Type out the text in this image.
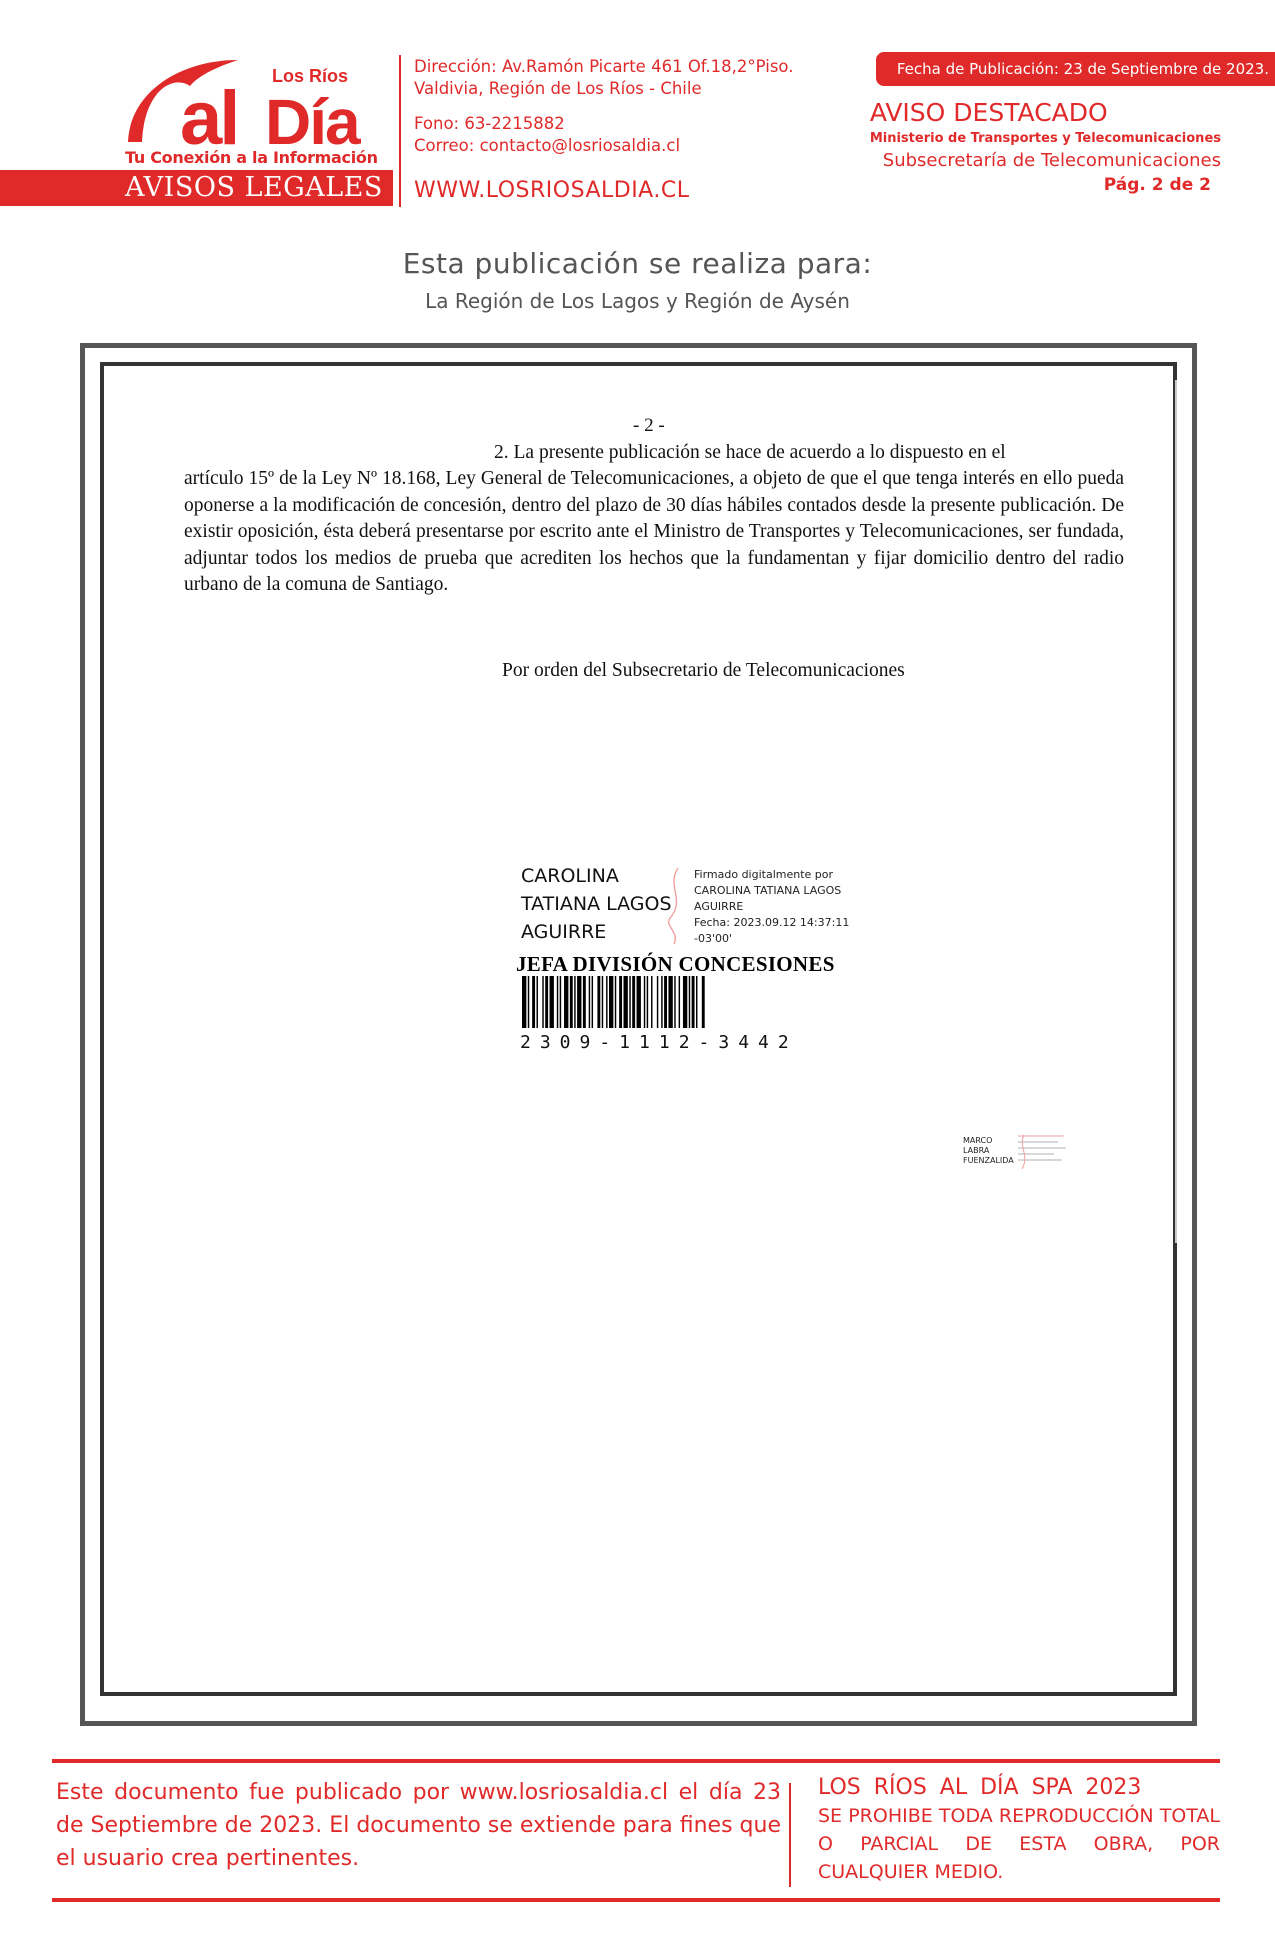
al Día
Los Ríos
Tu Conexión a la Información
AVISOS LEGALES
Dirección: Av.Ramón Picarte 461 Of.18,2°Piso.
Valdivia, Región de Los Ríos - Chile
Fono: 63-2215882
Correo: contacto@losriosaldia.cl
WWW.LOSRIOSALDIA.CL
Fecha de Publicación: 23 de Septiembre de 2023.
AVISO DESTACADO
Ministerio de Transportes y Telecomunicaciones
Subsecretaría de Telecomunicaciones
Pág. 2 de 2
Esta publicación se realiza para:
La Región de Los Lagos y Región de Aysén
- 2 -
2. La presente publicación se hace de acuerdo a lo dispuesto en el
artículo 15º de la Ley Nº 18.168, Ley General de Telecomunicaciones, a objeto de que el que tenga interés en ello pueda oponerse a la modificación de concesión, dentro del plazo de 30 días hábiles contados desde la presente publicación. De existir oposición, ésta deberá presentarse por escrito ante el Ministro de Transportes y Telecomunicaciones, ser fundada, adjuntar todos los medios de prueba que acrediten los hechos que la fundamentan y fijar domicilio dentro del radio urbano de la comuna de Santiago.
Por orden del Subsecretario de Telecomunicaciones
CAROLINA
TATIANA LAGOS
AGUIRRE
Firmado digitalmente por
CAROLINA TATIANA LAGOS
AGUIRRE
Fecha: 2023.09.12 14:37:11
-03'00'
JEFA DIVISIÓN CONCESIONES
2309-1112-3442
MARCO
LABRA
FUENZALIDA
Este documento fue publicado por www.losriosaldia.cl el día 23 de Septiembre de 2023. El documento se extiende para fines que el usuario crea pertinentes.
LOS RÍOS AL DÍA SPA 2023
SE PROHIBE TODA REPRODUCCIÓN TOTAL O PARCIAL DE ESTA OBRA, POR CUALQUIER MEDIO.
